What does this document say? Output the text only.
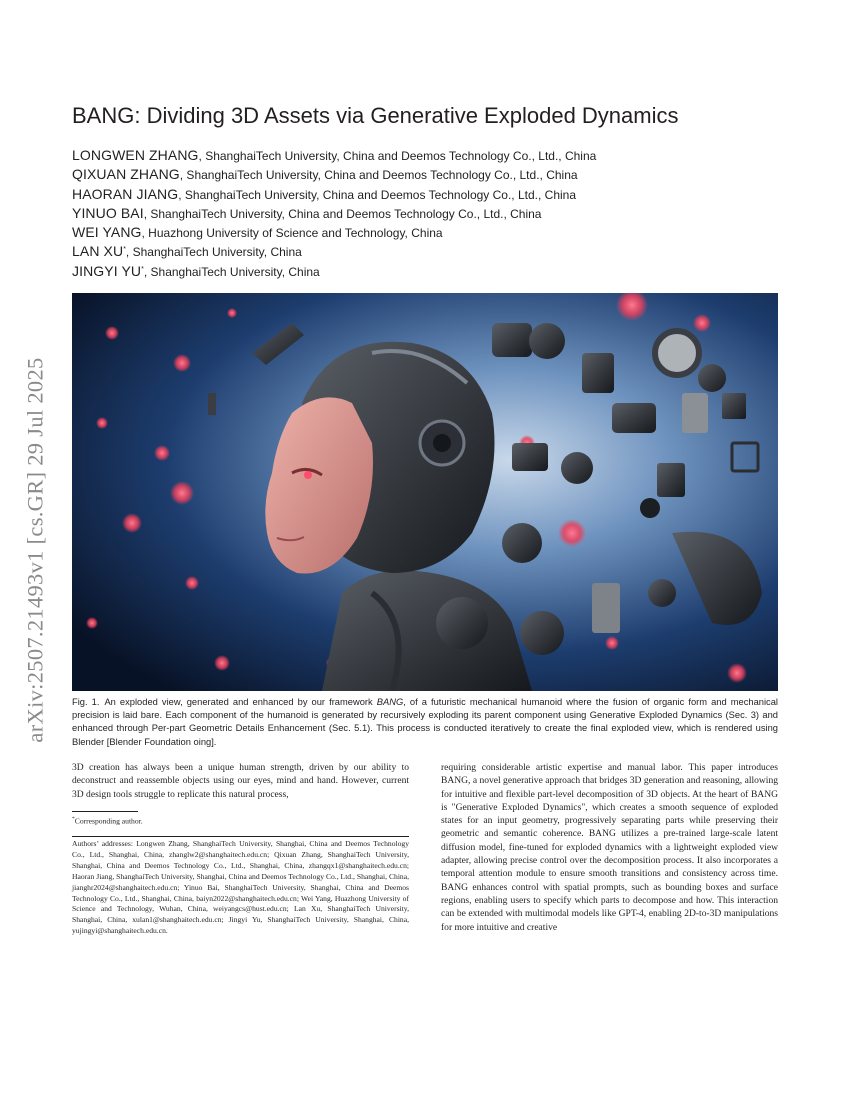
arXiv:2507.21493v1 [cs.GR] 29 Jul 2025
BANG: Dividing 3D Assets via Generative Exploded Dynamics
LONGWEN ZHANG, ShanghaiTech University, China and Deemos Technology Co., Ltd., China
QIXUAN ZHANG, ShanghaiTech University, China and Deemos Technology Co., Ltd., China
HAORAN JIANG, ShanghaiTech University, China and Deemos Technology Co., Ltd., China
YINUO BAI, ShanghaiTech University, China and Deemos Technology Co., Ltd., China
WEI YANG, Huazhong University of Science and Technology, China
LAN XU*, ShanghaiTech University, China
JINGYI YU*, ShanghaiTech University, China

Fig. 1. An exploded view, generated and enhanced by our framework BANG, of a futuristic mechanical humanoid where the fusion of organic form and mechanical precision is laid bare. Each component of the humanoid is generated by recursively exploding its parent component using Generative Exploded Dynamics (Sec. 3) and enhanced through Per-part Geometric Details Enhancement (Sec. 5.1). This process is conducted iteratively to create the final exploded view, which is rendered using Blender [Blender Foundation oing].

3D creation has always been a unique human strength, driven by our ability to deconstruct and reassemble objects using our eyes, mind and hand. However, current 3D design tools struggle to replicate this natural process,

*Corresponding author.

Authors’ addresses: Longwen Zhang, ShanghaiTech University, Shanghai, China and Deemos Technology Co., Ltd., Shanghai, China, zhanglw2@shanghaitech.edu.cn; Qixuan Zhang, ShanghaiTech University, Shanghai, China and Deemos Technology Co., Ltd., Shanghai, China, zhangqx1@shanghaitech.edu.cn; Haoran Jiang, ShanghaiTech University, Shanghai, China and Deemos Technology Co., Ltd., Shanghai, China, jianghr2024@shanghaitech.edu.cn; Yinuo Bai, ShanghaiTech University, Shanghai, China and Deemos Technology Co., Ltd., Shanghai, China, baiyn2022@shanghaitech.edu.cn; Wei Yang, Huazhong University of Science and Technology, Wuhan, China, weiyangcs@hust.edu.cn; Lan Xu, ShanghaiTech University, Shanghai, China, xulan1@shanghaitech.edu.cn; Jingyi Yu, ShanghaiTech University, Shanghai, China, yujingyi@shanghaitech.edu.cn.

requiring considerable artistic expertise and manual labor. This paper introduces BANG, a novel generative approach that bridges 3D generation and reasoning, allowing for intuitive and flexible part-level decomposition of 3D objects. At the heart of BANG is "Generative Exploded Dynamics", which creates a smooth sequence of exploded states for an input geometry, progressively separating parts while preserving their geometric and semantic coherence. BANG utilizes a pre-trained large-scale latent diffusion model, fine-tuned for exploded dynamics with a lightweight exploded view adapter, allowing precise control over the decomposition process. It also incorporates a temporal attention module to ensure smooth transitions and consistency across time. BANG enhances control with spatial prompts, such as bounding boxes and surface regions, enabling users to specify which parts to decompose and how. This interaction can be extended with multimodal models like GPT-4, enabling 2D-to-3D manipulations for more intuitive and creative
